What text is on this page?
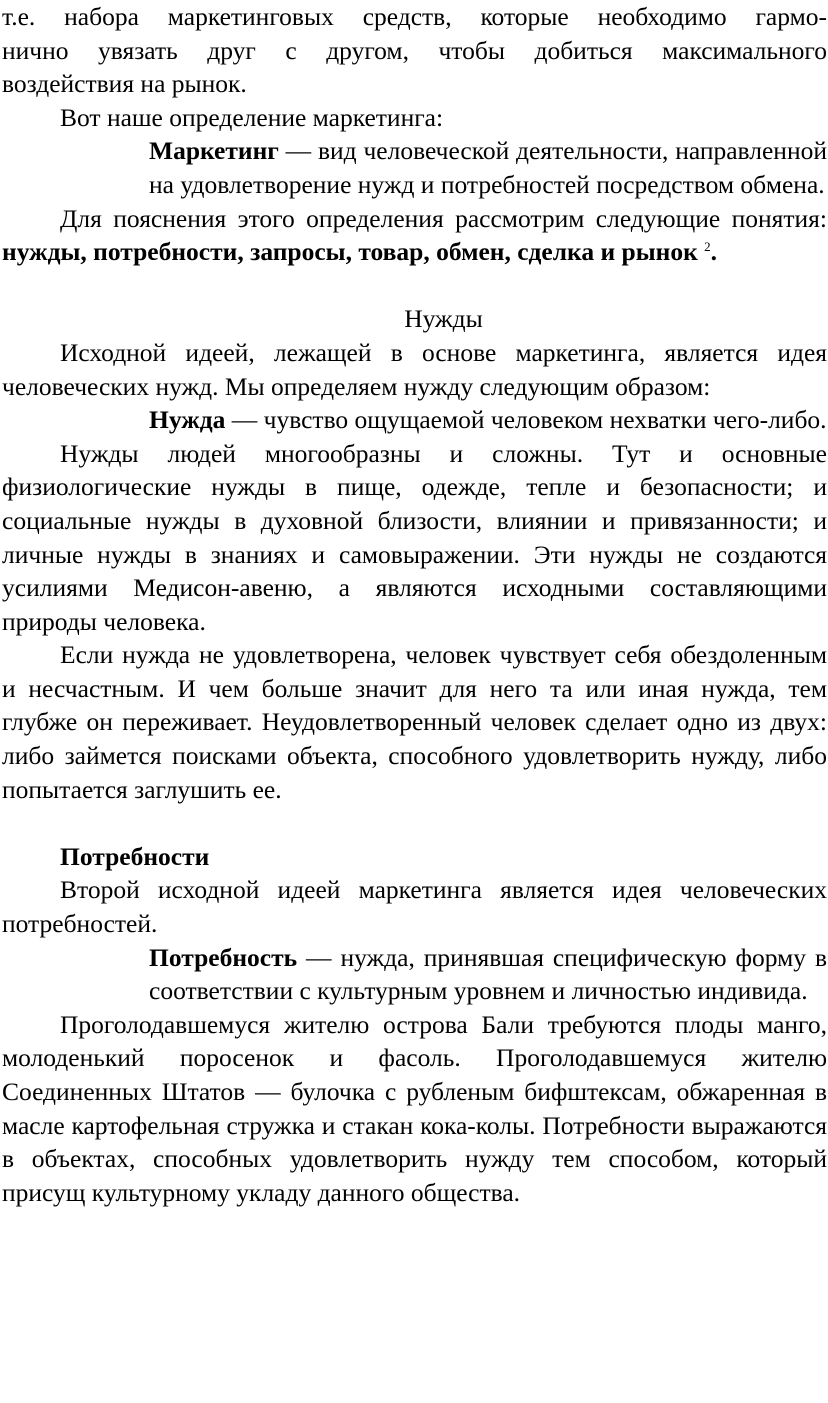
т.е. набора маркетинговых средств, которые необходимо гармо-
нично увязать друг с другом, чтобы добиться максимального
воздействия на рынок.

Вот наше определение маркетинга:

Маркетинг — вид человеческой деятельности, направленной на удовлетворение нужд и потребностей посредством обмена.

Для пояснения этого определения рассмотрим следующие понятия: нужды, потребности, запросы, товар, обмен, сделка и рынок $^2$.

Нужды

Исходной идеей, лежащей в основе маркетинга, является идея человеческих нужд. Мы определяем нужду следующим образом:

Нужда — чувство ощущаемой человеком нехватки чего-либо.

Нужды людей многообразны и сложны. Тут и основные физиологические нужды в пище, одежде, тепле и безопасности; и социальные нужды в духовной близости, влиянии и привязанности; и личные нужды в знаниях и самовыражении. Эти нужды не создаются усилиями Медисон-авеню, а являются исходными составляющими природы человека.

Если нужда не удовлетворена, человек чувствует себя обездоленным и несчастным. И чем больше значит для него та или иная нужда, тем глубже он переживает. Неудовлетворенный человек сделает одно из двух: либо займется поисками объекта, способного удовлетворить нужду, либо попытается заглушить ее.

Потребности

Второй исходной идеей маркетинга является идея человеческих потребностей.

Потребность — нужда, принявшая специфическую форму в соответствии с культурным уровнем и личностью индивида.

Проголодавшемуся жителю острова Бали требуются плоды манго, молоденький поросенок и фасоль. Проголодавшемуся жителю Соединенных Штатов — булочка с рубленым бифштексам, обжаренная в масле картофельная стружка и стакан кока-колы. Потребности выражаются в объектах, способных удовлетворить нужду тем способом, который присущ культурному укладу данного общества.
